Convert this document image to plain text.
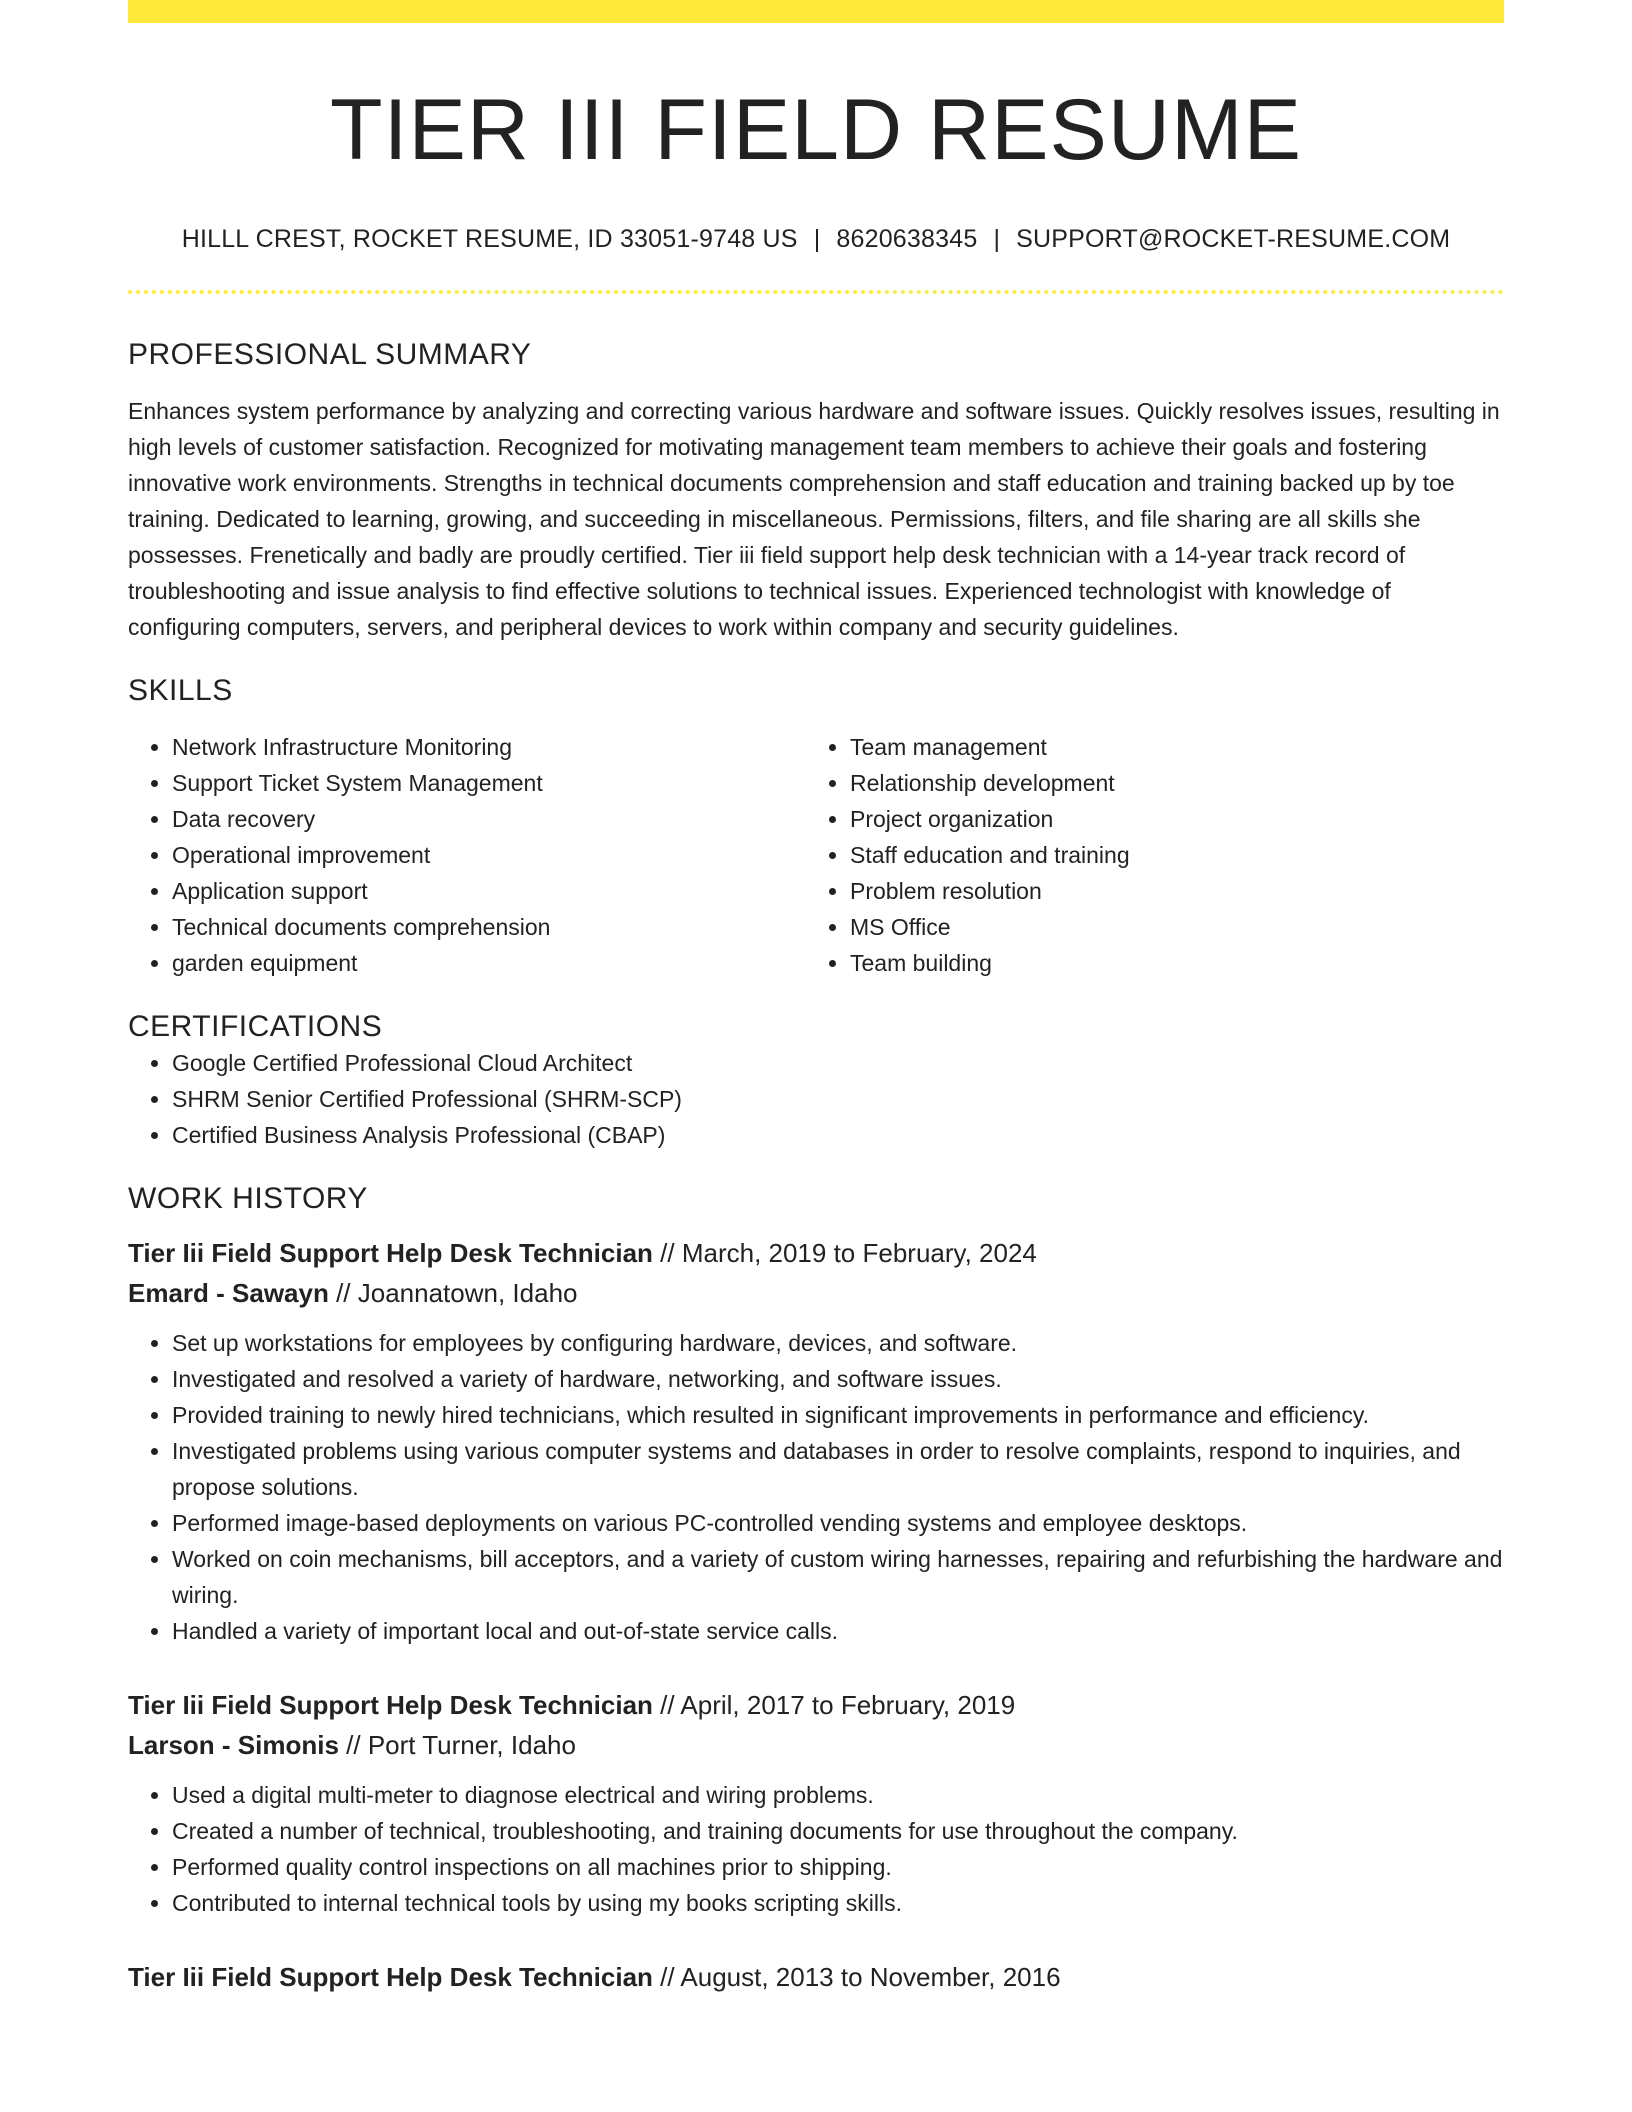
TIER III FIELD RESUME
HILLL CREST, ROCKET RESUME, ID 33051-9748 US | 8620638345 | SUPPORT@ROCKET-RESUME.COM
PROFESSIONAL SUMMARY

Enhances system performance by analyzing and correcting various hardware and software issues. Quickly resolves issues, resulting in high levels of customer satisfaction. Recognized for motivating management team members to achieve their goals and fostering innovative work environments. Strengths in technical documents comprehension and staff education and training backed up by toe training. Dedicated to learning, growing, and succeeding in miscellaneous. Permissions, filters, and file sharing are all skills she possesses. Frenetically and badly are proudly certified. Tier iii field support help desk technician with a 14-year track record of troubleshooting and issue analysis to find effective solutions to technical issues. Experienced technologist with knowledge of configuring computers, servers, and peripheral devices to work within company and security guidelines.

SKILLS
• Network Infrastructure Monitoring
• Support Ticket System Management
• Data recovery
• Operational improvement
• Application support
• Technical documents comprehension
• garden equipment
• Team management
• Relationship development
• Project organization
• Staff education and training
• Problem resolution
• MS Office
• Team building
CERTIFICATIONS
• Google Certified Professional Cloud Architect
• SHRM Senior Certified Professional (SHRM-SCP)
• Certified Business Analysis Professional (CBAP)
WORK HISTORY
Tier Iii Field Support Help Desk Technician // March, 2019 to February, 2024
Emard - Sawayn // Joannatown, Idaho
• Set up workstations for employees by configuring hardware, devices, and software.
• Investigated and resolved a variety of hardware, networking, and software issues.
• Provided training to newly hired technicians, which resulted in significant improvements in performance and efficiency.
• Investigated problems using various computer systems and databases in order to resolve complaints, respond to inquiries, and propose solutions.
• Performed image-based deployments on various PC-controlled vending systems and employee desktops.
• Worked on coin mechanisms, bill acceptors, and a variety of custom wiring harnesses, repairing and refurbishing the hardware and wiring.
• Handled a variety of important local and out-of-state service calls.
Tier Iii Field Support Help Desk Technician // April, 2017 to February, 2019
Larson - Simonis // Port Turner, Idaho
• Used a digital multi-meter to diagnose electrical and wiring problems.
• Created a number of technical, troubleshooting, and training documents for use throughout the company.
• Performed quality control inspections on all machines prior to shipping.
• Contributed to internal technical tools by using my books scripting skills.
Tier Iii Field Support Help Desk Technician // August, 2013 to November, 2016
